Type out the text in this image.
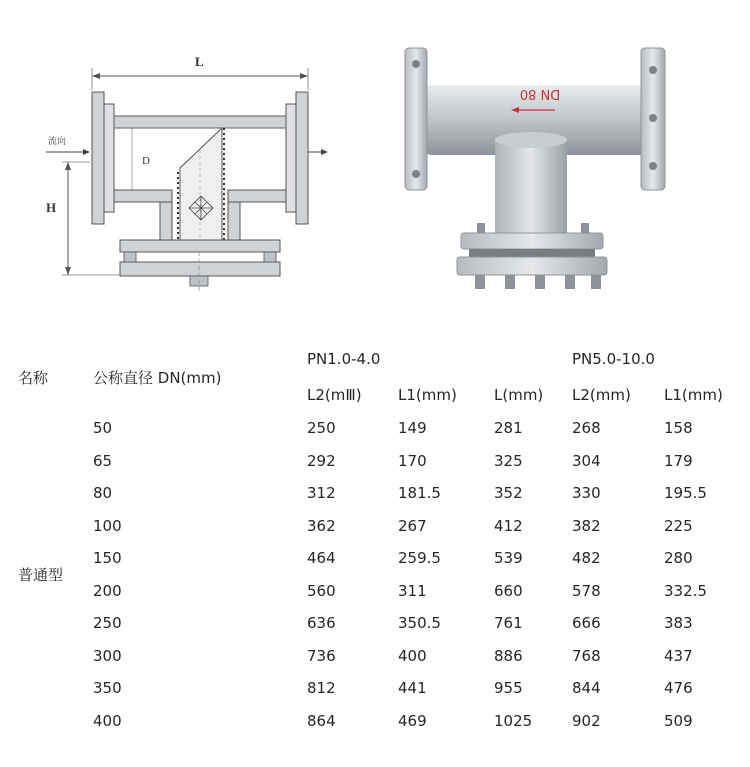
L
H
流向
D
DN 80
名称	公称直径 DN(mm)
PN1.0-4.0	PN5.0-10.0
L2(mⅢ) L1(mm) L(mm) L2(mm) L1(mm)
普通型
50	250	149	281	268	158
65	292	170	325	304	179
80	312	181.5	352	330	195.5
100	362	267	412	382	225
150	464	259.5	539	482	280
200	560	311	660	578	332.5
250	636	350.5	761	666	383
300	736	400	886	768	437
350	812	441	955	844	476
400	864	469	1025	902	509
